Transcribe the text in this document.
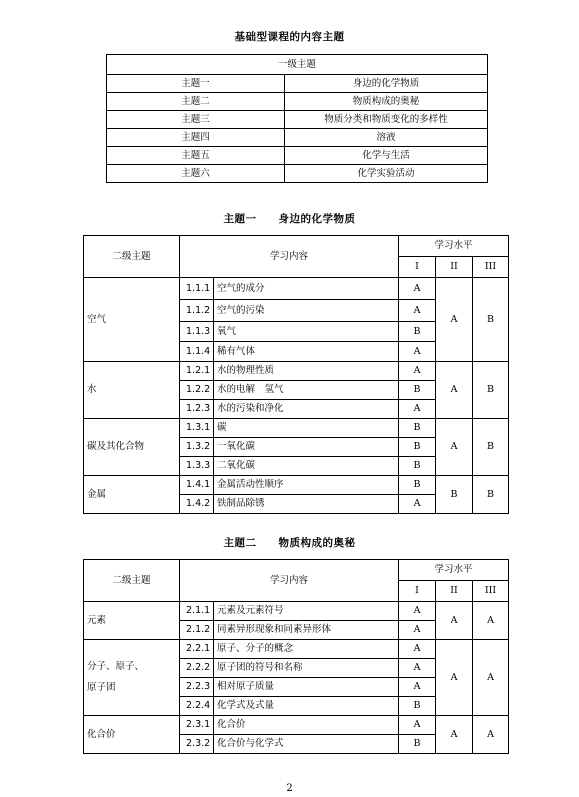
基础型课程的内容主题
一级主题	
主题一	身边的化学物质
主题二	物质构成的奥秘
主题三	物质分类和物质变化的多样性
主题四	溶液
主题五	化学与生活
主题六	化学实验活动
主题一　　身边的化学物质
二级主题	学习内容		学习水平		
			I	II	III
空气	1.1.1	空气的成分	A	A	B
	1.1.2	空气的污染	A		
	1.1.3	氧气	B		
	1.1.4	稀有气体	A		
水	1.2.1	水的物理性质	A	A	B
	1.2.2	水的电解　氢气	B		
	1.2.3	水的污染和净化	A		
碳及其化合物	1.3.1	碳	B	A	B
	1.3.2	一氧化碳	B		
	1.3.3	二氧化碳	B		
金属	1.4.1	金属活动性顺序	B	B	B
	1.4.2	铁制品除锈	A		
主题二　　物质构成的奥秘
二级主题	学习内容		学习水平		
			I	II	III
元素	2.1.1	元素及元素符号	A	A	A
	2.1.2	同素异形现象和同素异形体	A		

分子、原子、
原子团	2.2.1	原子、分子的概念	A	A	A
	2.2.2	原子团的符号和名称	A		
	2.2.3	相对原子质量	A		
	2.2.4	化学式及式量	B		
化合价	2.3.1	化合价	A	A	A
	2.3.2	化合价与化学式	B		
2
